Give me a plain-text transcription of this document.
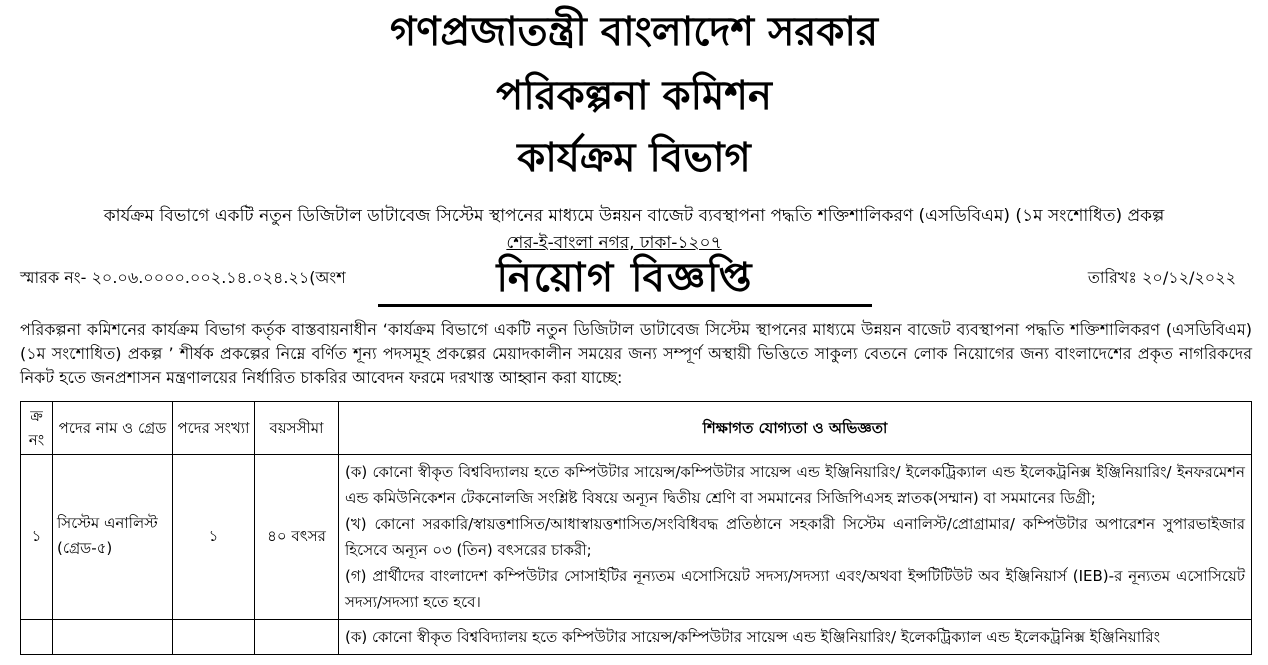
গণপ্রজাতন্ত্রী বাংলাদেশ সরকার
পরিকল্পনা কমিশন
কার্যক্রম বিভাগ
কার্যক্রম বিভাগে একটি নতুন ডিজিটাল ডাটাবেজ সিস্টেম স্থাপনের মাধ্যমে উন্নয়ন বাজেট ব্যবস্থাপনা পদ্ধতি শক্তিশালিকরণ (এসডিবিএম) (১ম সংশোধিত) প্রকল্প
শের-ই-বাংলা নগর, ঢাকা-১২০৭
স্মারক নং- ২০.০৬.০০০০.০০২.১৪.০২৪.২১(অংশ	নিয়োগ বিজ্ঞপ্তি	তারিখঃ ২০/১২/২০২২
পরিকল্পনা কমিশনের কার্যক্রম বিভাগ কর্তৃক বাস্তবায়নাধীন ‘কার্যক্রম বিভাগে একটি নতুন ডিজিটাল ডাটাবেজ সিস্টেম স্থাপনের মাধ্যমে উন্নয়ন বাজেট ব্যবস্থাপনা পদ্ধতি শক্তিশালিকরণ (এসডিবিএম) (১ম সংশোধিত) প্রকল্প ’ শীর্ষক প্রকল্পের নিম্নে বর্ণিত শূন্য পদসমূহ প্রকল্পের মেয়াদকালীন সময়ের জন্য সম্পূর্ণ অস্থায়ী ভিত্তিতে সাকুল্য বেতনে লোক নিয়োগের জন্য বাংলাদেশের প্রকৃত নাগরিকদের নিকট হতে জনপ্রশাসন মন্ত্রণালয়ের নির্ধারিত চাকরির আবেদন ফরমে দরখাস্ত আহ্বান করা যাচ্ছে:
ক্র নং	পদের নাম ও গ্রেড	পদের সংখ্যা	বয়সসীমা	শিক্ষাগত যোগ্যতা ও অভিজ্ঞতা
১	সিস্টেম এনালিস্ট (গ্রেড-৫)	১	৪০ বৎসর	(ক) কোনো স্বীকৃত বিশ্ববিদ্যালয় হতে কম্পিউটার সায়েন্স/কম্পিউটার সায়েন্স এন্ড ইঞ্জিনিয়ারিং/ ইলেকট্রিক্যাল এন্ড ইলেকট্রনিক্স ইঞ্জিনিয়ারিং/ ইনফরমেশন এন্ড কমিউনিকেশন টেকনোলজি সংশ্লিষ্ট বিষয়ে অন্যূন দ্বিতীয় শ্রেণি বা সমমানের সিজিপিএসহ স্নাতক(সম্মান) বা সমমানের ডিগ্রী;
(খ) কোনো সরকারি/স্বায়ত্তশাসিত/আধাস্বায়ত্তশাসিত/সংবিধিবদ্ধ প্রতিষ্ঠানে সহকারী সিস্টেম এনালিস্ট/প্রোগ্রামার/ কম্পিউটার অপারেশন সুপারভাইজার হিসেবে অন্যূন ০৩ (তিন) বৎসরের চাকরী;
(গ) প্রার্থীদের বাংলাদেশ কম্পিউটার সোসাইটির নূন্যতম এসোসিয়েট সদস্য/সদস্যা এবং/অথবা ইন্সটিটিউট অব ইঞ্জিনিয়ার্স (IEB)-র নূন্যতম এসোসিয়েট সদস্য/সদস্যা হতে হবে।

				(ক) কোনো স্বীকৃত বিশ্ববিদ্যালয় হতে কম্পিউটার সায়েন্স/কম্পিউটার সায়েন্স এন্ড ইঞ্জিনিয়ারিং/ ইলেকট্রিক্যাল এন্ড ইলেকট্রনিক্স ইঞ্জিনিয়ারিং
